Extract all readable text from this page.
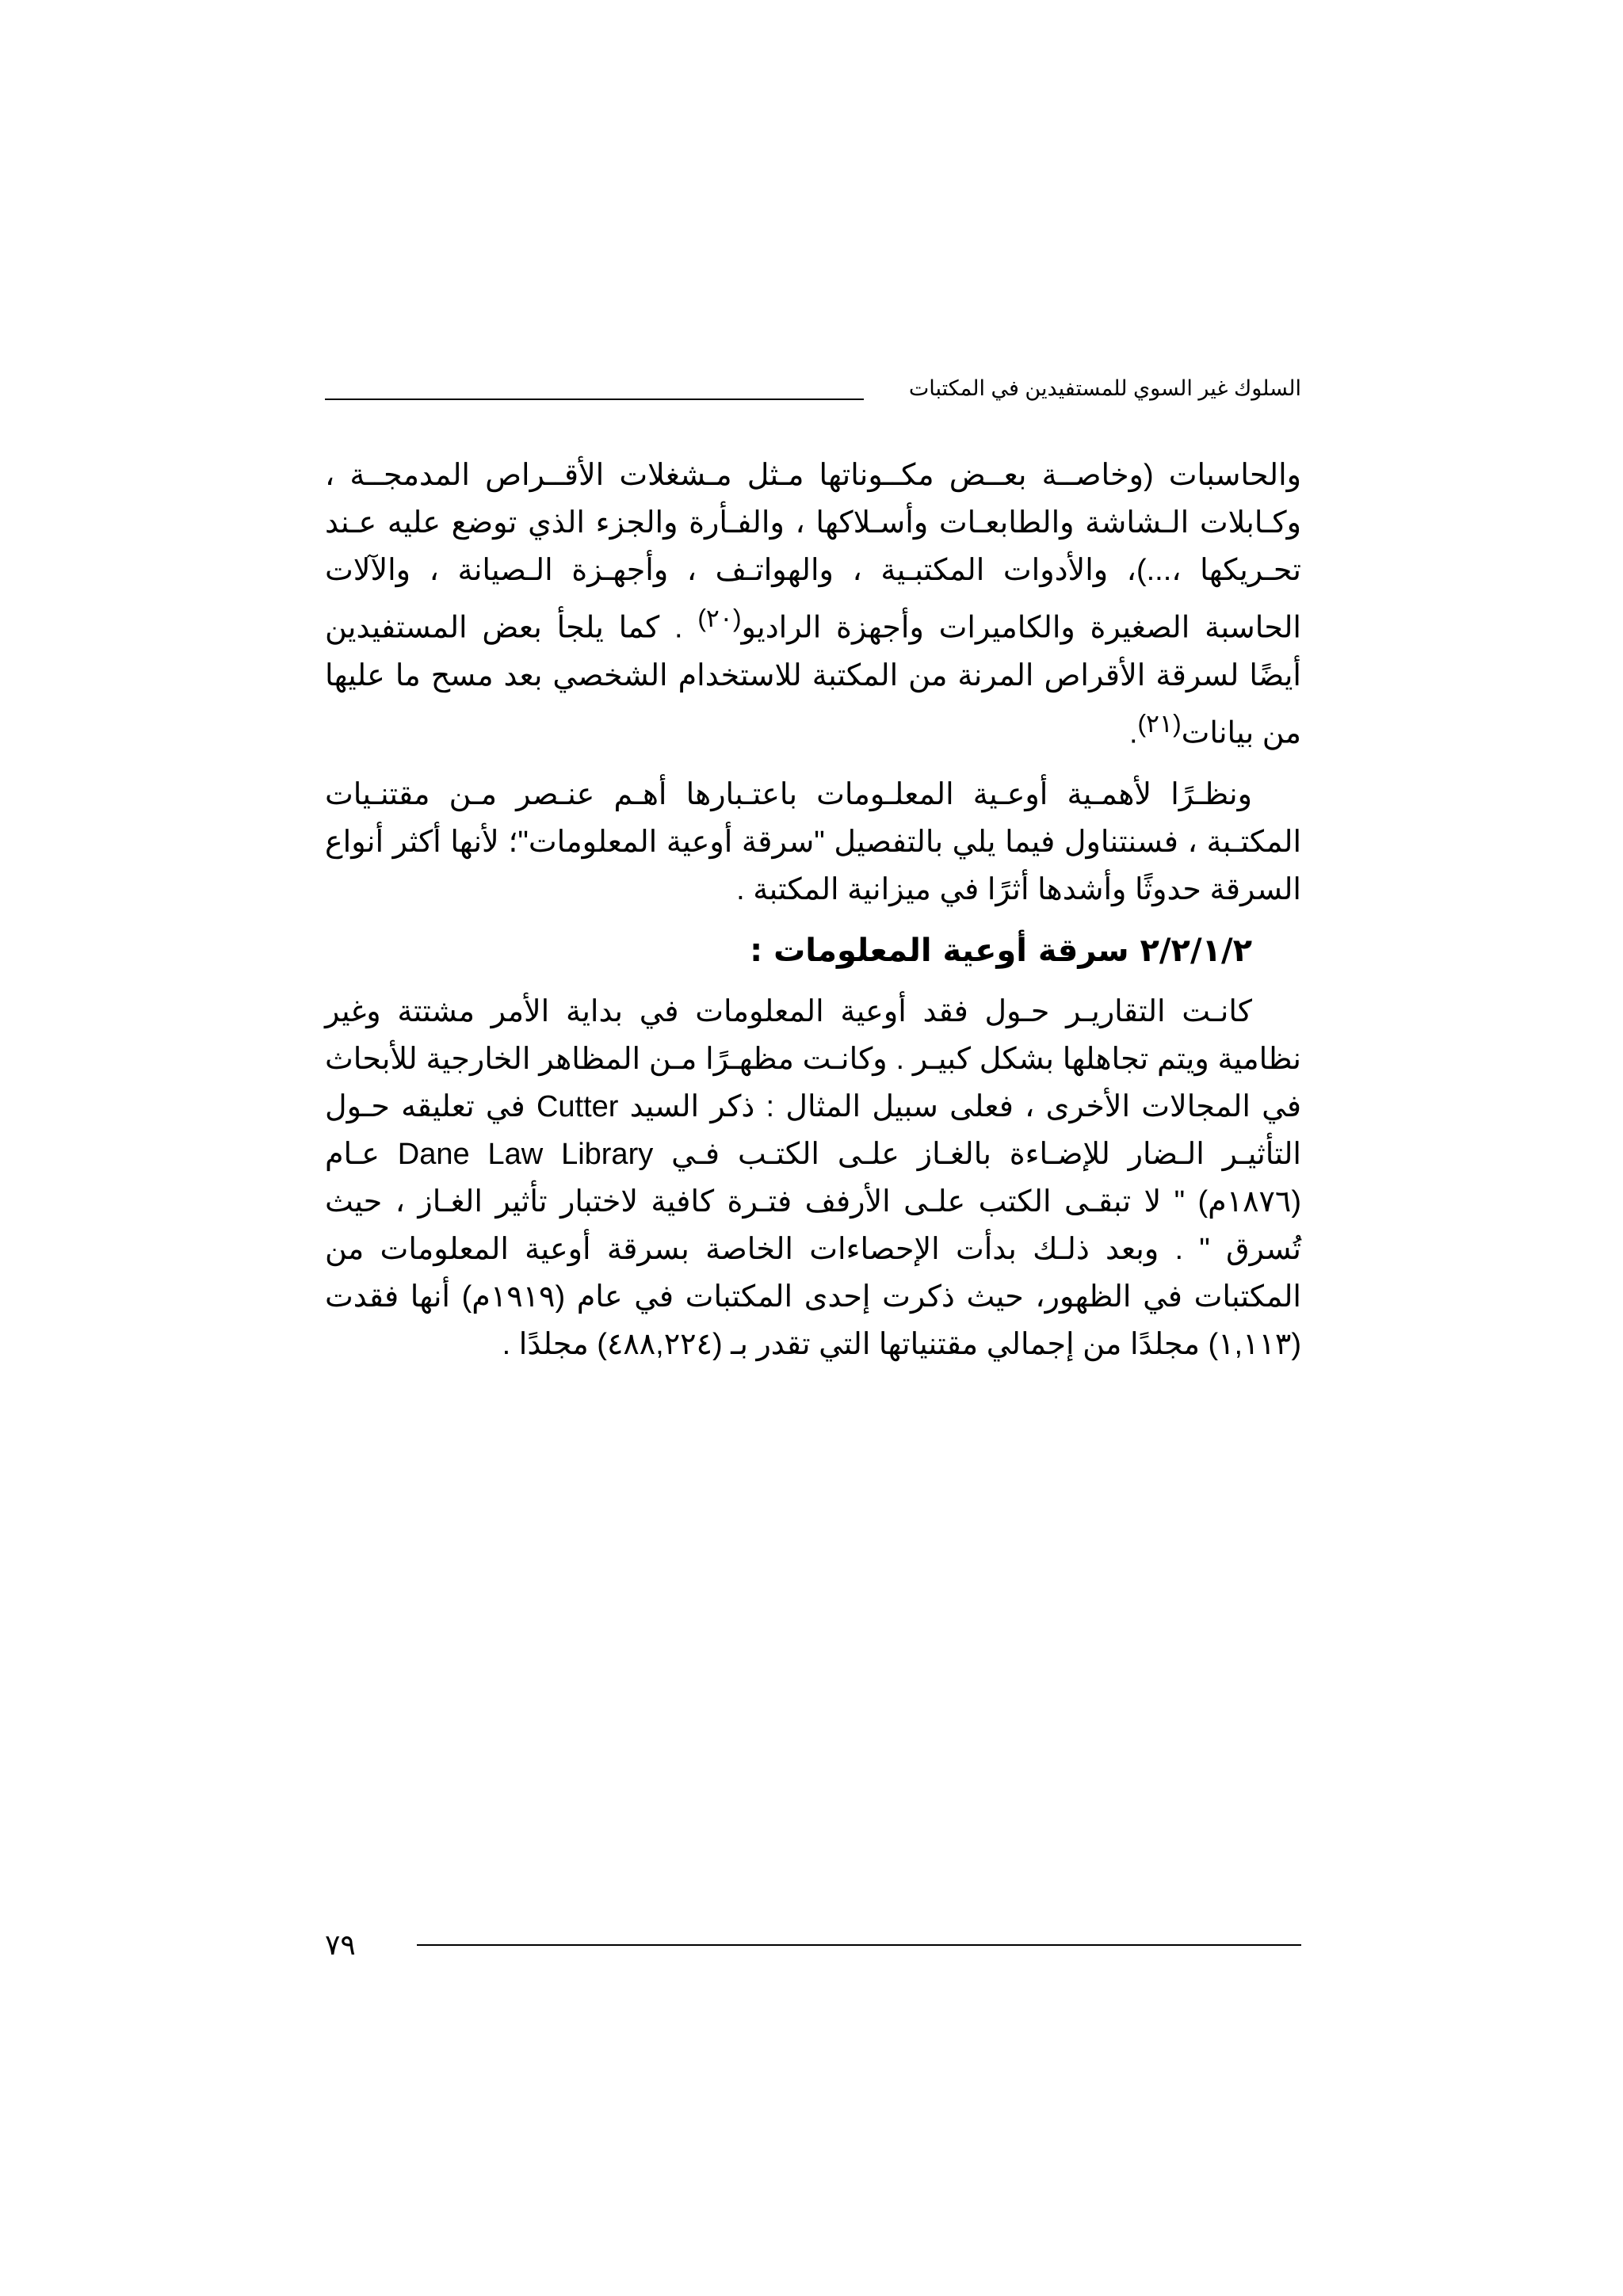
السلوك غير السوي للمستفيدين في المكتبات

والحاسبات (وخاصــة بعــض مكــوناتها مـثل مـشغلات الأقــراص المدمجــة ، وكـابلات الـشاشة والطابعـات وأسـلاكها ، والفـأرة والجزء الذي توضع عليه عـند تحـريكها ،...)، والأدوات المكتبـية ، والهواتـف ، وأجهـزة الـصيانة ، والآلات الحاسبة الصغيرة والكاميرات وأجهزة الراديو$^{(٢٠)}$ . كما يلجأ بعض المستفيدين أيضًا لسرقة الأقراص المرنة من المكتبة للاستخدام الشخصي بعد مسح ما عليها من بيانات$^{(٢١)}$.

ونظـرًا لأهمـية أوعـية المعلـومات باعتـبارها أهـم عنـصر مـن مقتنـيات المكتـبة ، فسنتناول فيما يلي بالتفصيل "سرقة أوعية المعلومات"؛ لأنها أكثر أنواع السرقة حدوثًا وأشدها أثرًا في ميزانية المكتبة .

٢/٢/١/٢ سرقة أوعية المعلومات :

كانـت التقاريـر حـول فقد أوعية المعلومات في بداية الأمر مشتتة وغير نظامية ويتم تجاهلها بشكل كبيـر . وكانـت مظهـرًا مـن المظاهر الخارجية للأبحاث في المجالات الأخرى ، فعلى سبيل المثال : ذكر السيد Cutter في تعليقه حـول التأثيـر الـضار للإضـاءة بالغـاز علـى الكتـب فـي Dane Law Library عـام (١٨٧٦م) " لا تبقـى الكتب علـى الأرفف فتـرة كافية لاختبار تأثير الغـاز ، حيث تُسرق " . وبعد ذلـك بدأت الإحصاءات الخاصة بسرقة أوعية المعلومات من المكتبات في الظهور، حيث ذكرت إحدى المكتبات في عام (١٩١٩م) أنها فقدت (١,١١٣) مجلدًا من إجمالي مقتنياتها التي تقدر بـ (٤٨٨,٢٢٤) مجلدًا .

٧٩
